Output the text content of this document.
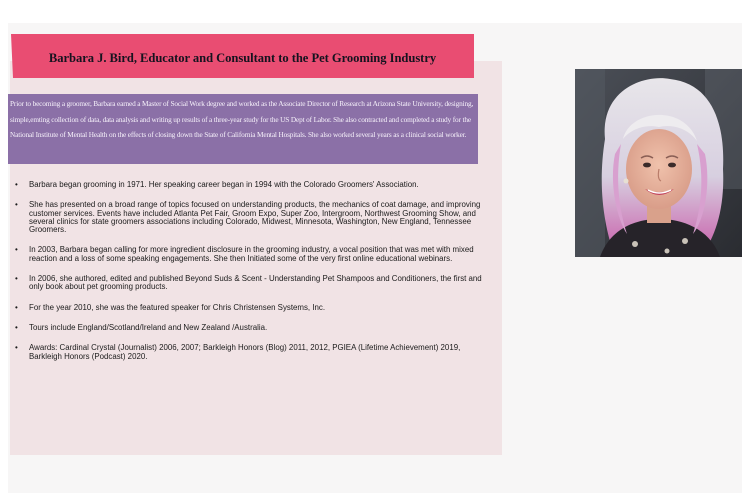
Barbara J. Bird, Educator and Consultant to the Pet Grooming Industry
Prior to becoming a groomer, Barbara earned a Master of Social Work degree and worked as the Associate Director of Research at Arizona State University, designing, simple,emting collection of data, data analysis and writing up results of a three-year study for the US Dept of Labor. She also contracted and completed a study for the National Institute of Mental Health on the effects of closing down the State of California Mental Hospitals. She also worked several years as a clinical social worker.
• Barbara began grooming in 1971. Her speaking career began in 1994 with the Colorado Groomers' Association.
• She has presented on a broad range of topics focused on understanding products, the mechanics of coat damage, and improving customer services. Events have included Atlanta Pet Fair, Groom Expo, Super Zoo, Intergroom, Northwest Grooming Show, and several clinics for state groomers associations including Colorado, Midwest, Minnesota, Washington, New England, Tennessee Groomers.
• In 2003, Barbara began calling for more ingredient disclosure in the grooming industry, a vocal position that was met with mixed reaction and a loss of some speaking engagements. She then Initiated some of the very first online educational webinars.
• In 2006, she authored, edited and published Beyond Suds & Scent - Understanding Pet Shampoos and Conditioners, the first and only book about pet grooming products.
• For the year 2010, she was the featured speaker for Chris Christensen Systems, Inc.
• Tours include England/Scotland/Ireland and New Zealand /Australia.
• Awards: Cardinal Crystal (Journalist) 2006, 2007; Barkleigh Honors (Blog) 2011, 2012, PGIEA (Lifetime Achievement) 2019, Barkleigh Honors (Podcast) 2020.
